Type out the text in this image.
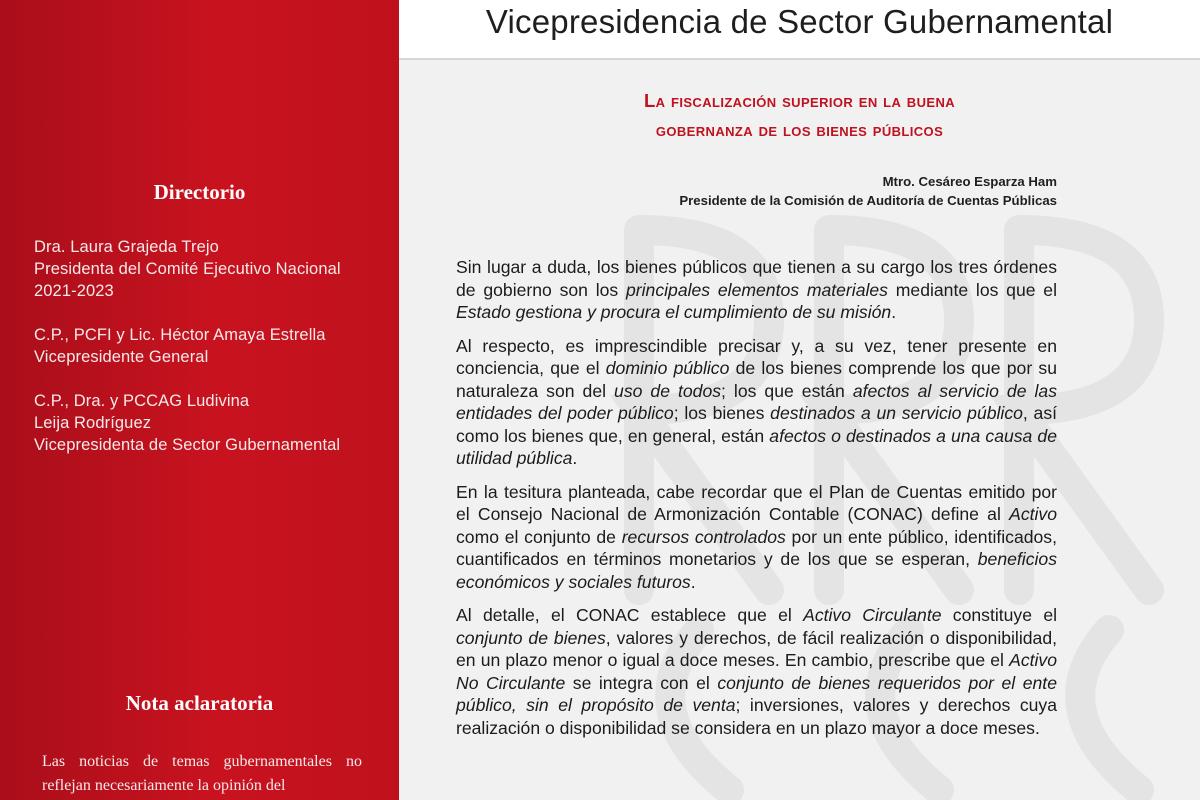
Directorio
Dra. Laura Grajeda Trejo
Presidenta del Comité Ejecutivo Nacional
2021-2023
C.P., PCFI y Lic. Héctor Amaya Estrella
Vicepresidente General
C.P., Dra. y PCCAG Ludivina
Leija Rodríguez
Vicepresidenta de Sector Gubernamental
Nota aclaratoria
Las noticias de temas gubernamentales no reflejan necesariamente la opinión del
Vicepresidencia de Sector Gubernamental
La fiscalización superior en la buena
gobernanza de los bienes públicos
Mtro. Cesáreo Esparza Ham
Presidente de la Comisión de Auditoría de Cuentas Públicas

Sin lugar a duda, los bienes públicos que tienen a su cargo los tres órdenes de gobierno son los principales elementos materiales mediante los que el Estado gestiona y procura el cumplimiento de su misión.

Al respecto, es imprescindible precisar y, a su vez, tener presente en conciencia, que el dominio público de los bienes comprende los que por su naturaleza son del uso de todos; los que están afectos al servicio de las entidades del poder público; los bienes destinados a un servicio público, así como los bienes que, en general, están afectos o destinados a una causa de utilidad pública.

En la tesitura planteada, cabe recordar que el Plan de Cuentas emitido por el Consejo Nacional de Armonización Contable (CONAC) define al Activo como el conjunto de recursos controlados por un ente público, identificados, cuantificados en términos monetarios y de los que se esperan, beneficios económicos y sociales futuros.

Al detalle, el CONAC establece que el Activo Circulante constituye el conjunto de bienes, valores y derechos, de fácil realización o disponibilidad, en un plazo menor o igual a doce meses. En cambio, prescribe que el Activo No Circulante se integra con el conjunto de bienes requeridos por el ente público, sin el propósito de venta; inversiones, valores y derechos cuya realización o disponibilidad se considera en un plazo mayor a doce meses.
